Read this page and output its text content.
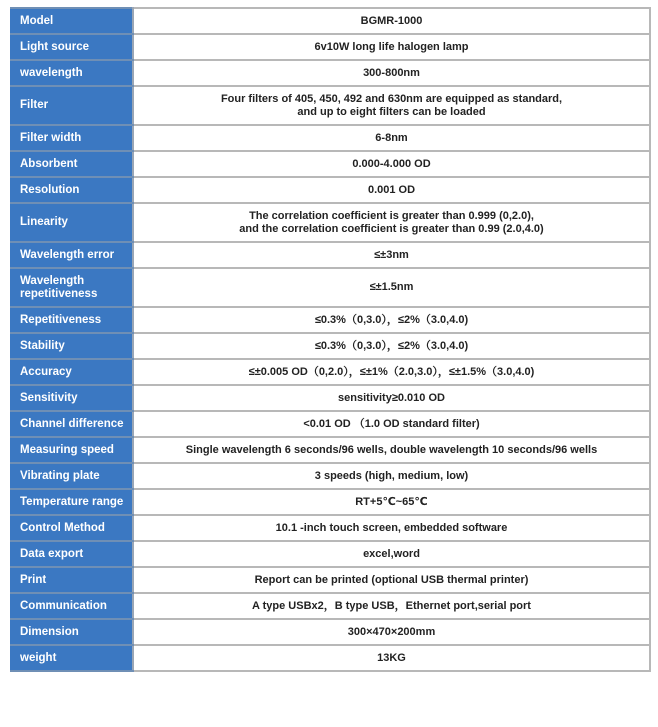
Model	BGMR-1000

Light source	6v10W long life halogen lamp

wavelength	300-800nm

Filter	Four filters of 405, 450, 492 and 630nm are equipped as standard,
and up to eight filters can be loaded

Filter width	6-8nm

Absorbent	0.000-4.000 OD

Resolution	0.001 OD

Linearity	The correlation coefficient is greater than 0.999 (0,2.0),
and the correlation coefficient is greater than 0.99 (2.0,4.0)

Wavelength error	≤±3nm

Wavelength repetitiveness	≤±1.5nm

Repetitiveness	≤0.3%（0,3.0），≤2%（3.0,4.0)

Stability	≤0.3%（0,3.0），≤2%（3.0,4.0)

Accuracy	≤±0.005 OD（0,2.0），≤±1%（2.0,3.0），≤±1.5%（3.0,4.0)

Sensitivity	sensitivity≥0.010 OD

Channel difference	<0.01 OD （1.0 OD standard filter)

Measuring speed	Single wavelength 6 seconds/96 wells, double wavelength 10 seconds/96 wells

Vibrating plate	3 speeds (high, medium, low)

Temperature range	RT+5℃~65℃

Control Method	10.1 -inch touch screen, embedded software

Data export	excel,word

Print	Report can be printed (optional USB thermal printer)

Communication	A type USBx2，B type USB，Ethernet port,serial port

Dimension	300×470×200mm

weight	13KG
